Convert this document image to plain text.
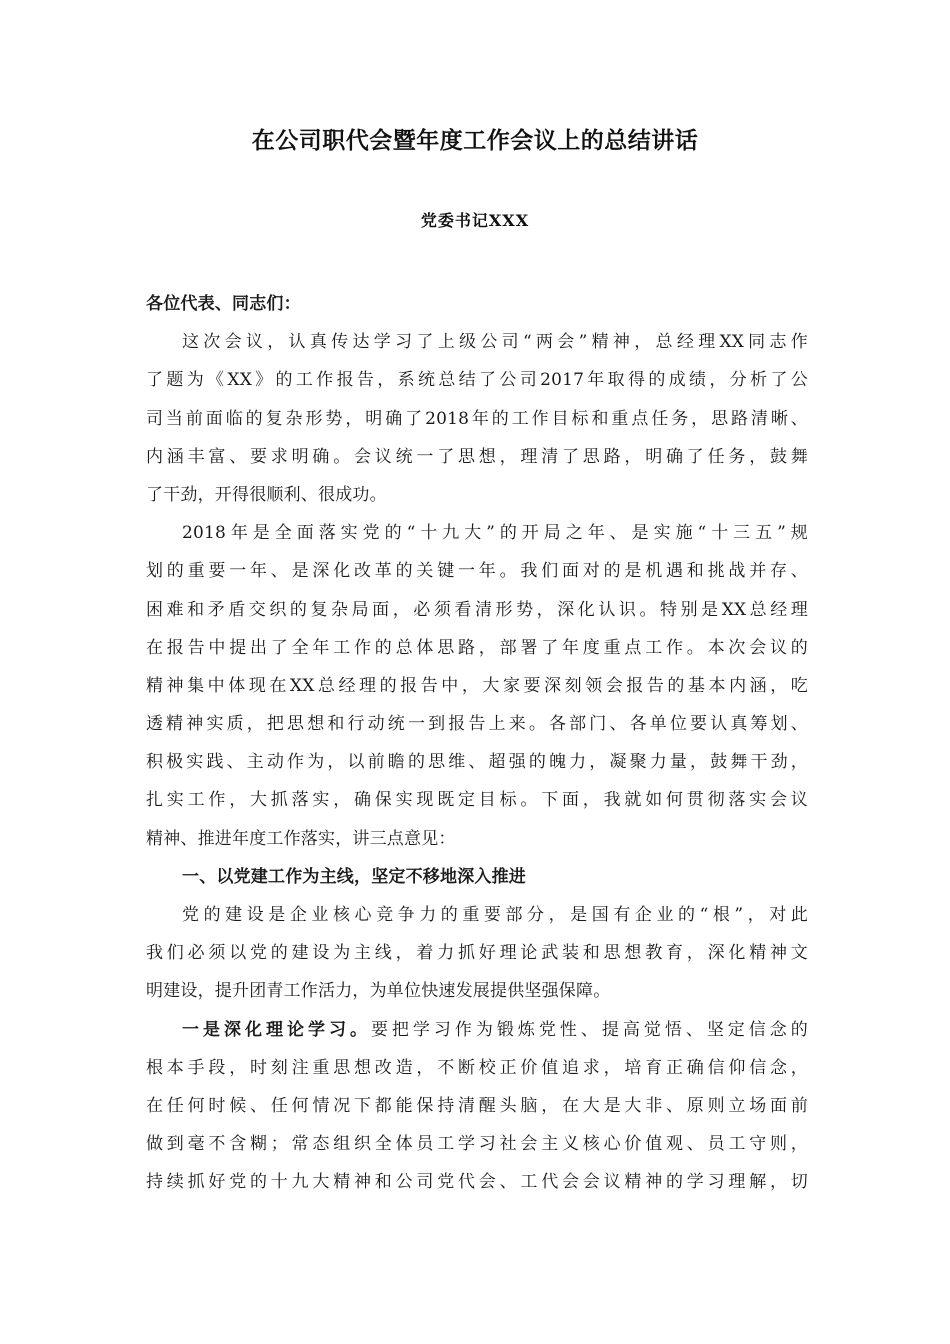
在公司职代会暨年度工作会议上的总结讲话

党委书记XXX

各位代表、同志们：
这次会议，认真传达学习了上级公司“两会”精神，总经理XX同志作
了题为《XX》的工作报告，系统总结了公司2017年取得的成绩，分析了公
司当前面临的复杂形势，明确了2018年的工作目标和重点任务，思路清晰、
内涵丰富、要求明确。会议统一了思想，理清了思路，明确了任务，鼓舞
了干劲，开得很顺利、很成功。
2018年是全面落实党的“十九大”的开局之年、是实施“十三五”规
划的重要一年、是深化改革的关键一年。我们面对的是机遇和挑战并存、
困难和矛盾交织的复杂局面，必须看清形势，深化认识。特别是XX总经理
在报告中提出了全年工作的总体思路，部署了年度重点工作。本次会议的
精神集中体现在XX总经理的报告中，大家要深刻领会报告的基本内涵，吃
透精神实质，把思想和行动统一到报告上来。各部门、各单位要认真筹划、
积极实践、主动作为，以前瞻的思维、超强的魄力，凝聚力量，鼓舞干劲，
扎实工作，大抓落实，确保实现既定目标。下面，我就如何贯彻落实会议
精神、推进年度工作落实，讲三点意见：
一、以党建工作为主线，坚定不移地深入推进
党的建设是企业核心竞争力的重要部分，是国有企业的“根”，对此
我们必须以党的建设为主线，着力抓好理论武装和思想教育，深化精神文
明建设，提升团青工作活力，为单位快速发展提供坚强保障。
一是深化理论学习。要把学习作为锻炼党性、提高觉悟、坚定信念的
根本手段，时刻注重思想改造，不断校正价值追求，培育正确信仰信念，
在任何时候、任何情况下都能保持清醒头脑，在大是大非、原则立场面前
做到毫不含糊；常态组织全体员工学习社会主义核心价值观、员工守则，
持续抓好党的十九大精神和公司党代会、工代会会议精神的学习理解，切
